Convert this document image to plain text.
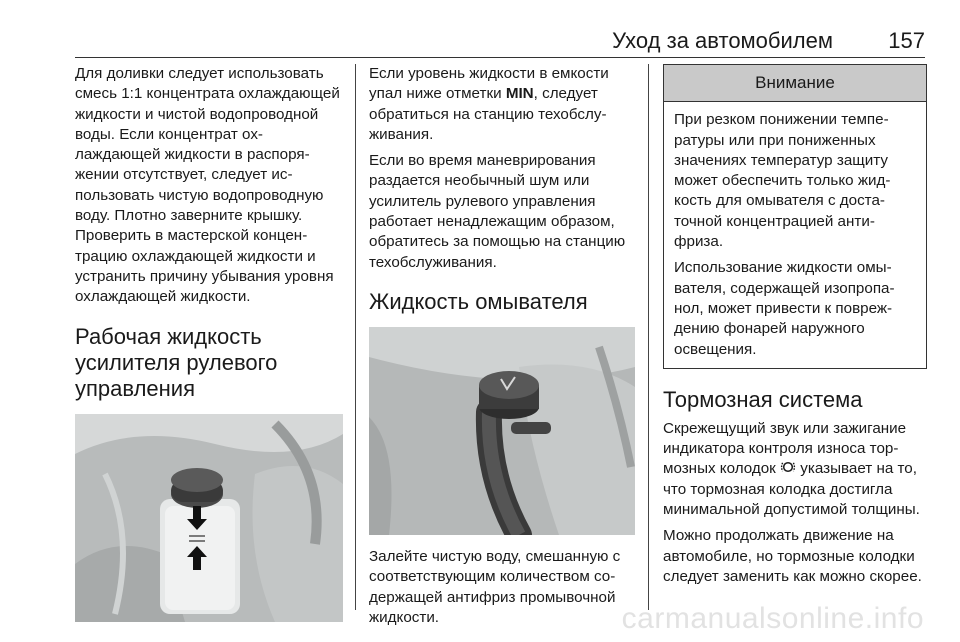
Уход за автомобилем	157

Для доливки следует использовать смесь 1:1 концентрата охлаждающей жидкости и чистой водопроводной воды. Если концентрат охлаждающей жидкости в распоряжении отсутствует, следует использовать чистую водопроводную воду. Плотно заверните крышку. Проверить в мастерской концентрацию охлаждающей жидкости и устранить причину убывания уровня охлаждающей жидкости.

Рабочая жидкость усилителя рулевого управления

Если уровень жидкости в емкости упал ниже отметки MIN, следует обратиться на станцию техобслуживания.

Если во время маневрирования раздается необычный шум или усилитель рулевого управления работает ненадлежащим образом, обратитесь за помощью на станцию техобслуживания.

Жидкость омывателя

Залейте чистую воду, смешанную с соответствующим количеством содержащей антифриз промывочной жидкости.

Внимание

При резком понижении температуры или при пониженных значениях температур защиту может обеспечить только жидкость для омывателя с достаточной концентрацией антифриза.

Использование жидкости омывателя, содержащей изопропанол, может привести к повреждению фонарей наружного освещения.

Тормозная система

Скрежещущий звук или зажигание индикатора контроля износа тормозных колодок  указывает на то, что тормозная колодка достигла минимальной допустимой толщины.

Можно продолжать движение на автомобиле, но тормозные колодки следует заменить как можно скорее.

carmanualsonline.info
